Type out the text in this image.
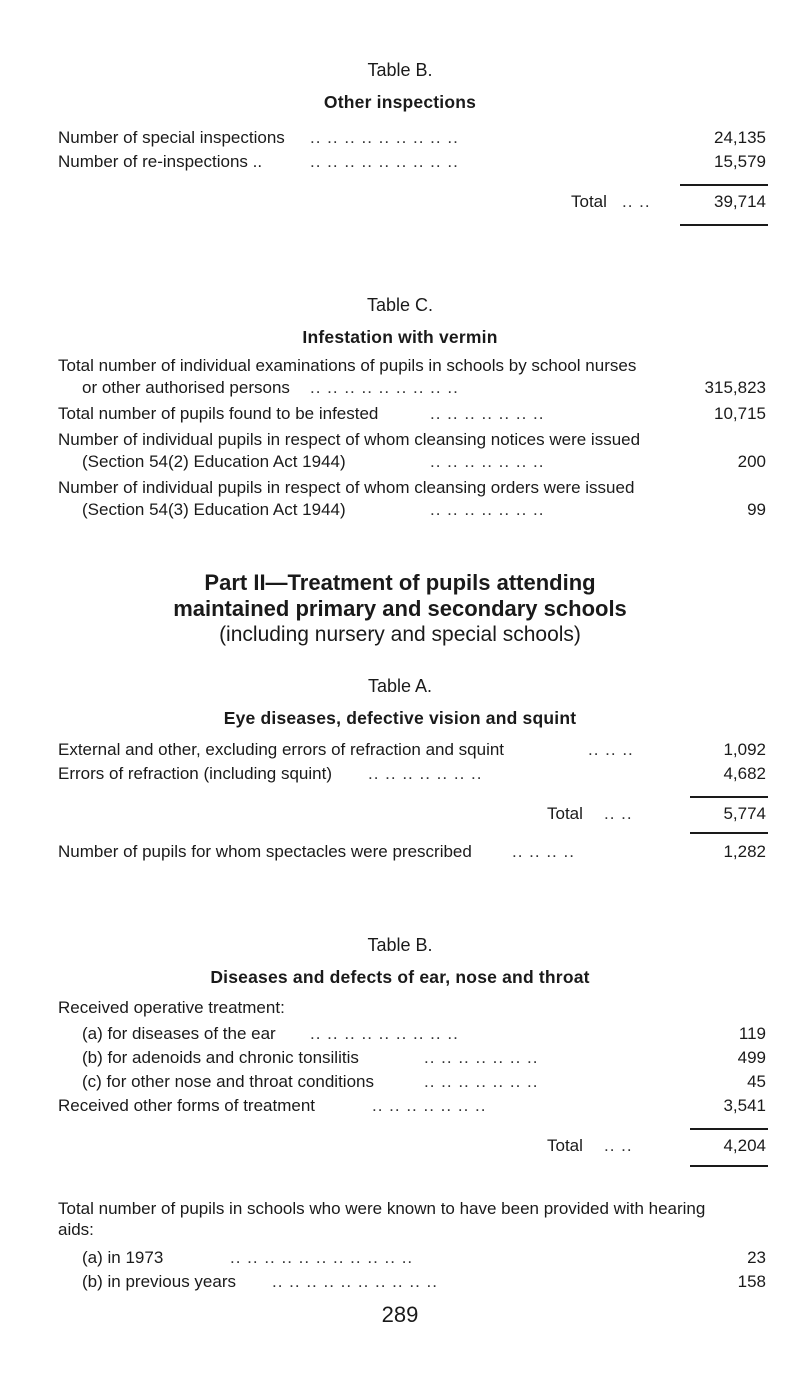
Table B.
Other inspections
Number of special inspections .. .. .. .. .. .. .. .. ..	24,135
Number of re-inspections ..	.. .. .. .. .. .. .. .. ..	15,579
Total .. ..	39,714
Table C.
Infestation with vermin
Total number of individual examinations of pupils in schools by school nurses
or other authorised persons .. .. .. .. .. .. .. .. ..	315,823
Total number of pupils found to be infested	.. .. .. .. .. .. ..	10,715
Number of individual pupils in respect of whom cleansing notices were issued
(Section 54(2) Education Act 1944)	.. .. .. .. .. .. ..	200
Number of individual pupils in respect of whom cleansing orders were issued
(Section 54(3) Education Act 1944)	.. .. .. .. .. .. ..	99
Part II—Treatment of pupils attending
maintained primary and secondary schools
(including nursery and special schools)
Table A.
Eye diseases, defective vision and squint
External and other, excluding errors of refraction and squint	.. .. ..	1,092
Errors of refraction (including squint) .. .. .. .. .. .. ..	4,682
Total .. ..	5,774
Number of pupils for whom spectacles were prescribed .. .. .. ..	1,282
Table B.
Diseases and defects of ear, nose and throat
Received operative treatment:
(a) for diseases of the ear .. .. .. .. .. .. .. .. ..	119
(b) for adenoids and chronic tonsilitis	.. .. .. .. .. .. ..	499
(c) for other nose and throat conditions	.. .. .. .. .. .. ..	45
Received other forms of treatment	.. .. .. .. .. .. ..	3,541
Total .. ..	4,204
Total number of pupils in schools who were known to have been provided with hearing
aids:
(a) in 1973	.. .. .. .. .. .. .. .. .. .. ..	23
(b) in previous years .. .. .. .. .. .. .. .. .. ..	158
289
